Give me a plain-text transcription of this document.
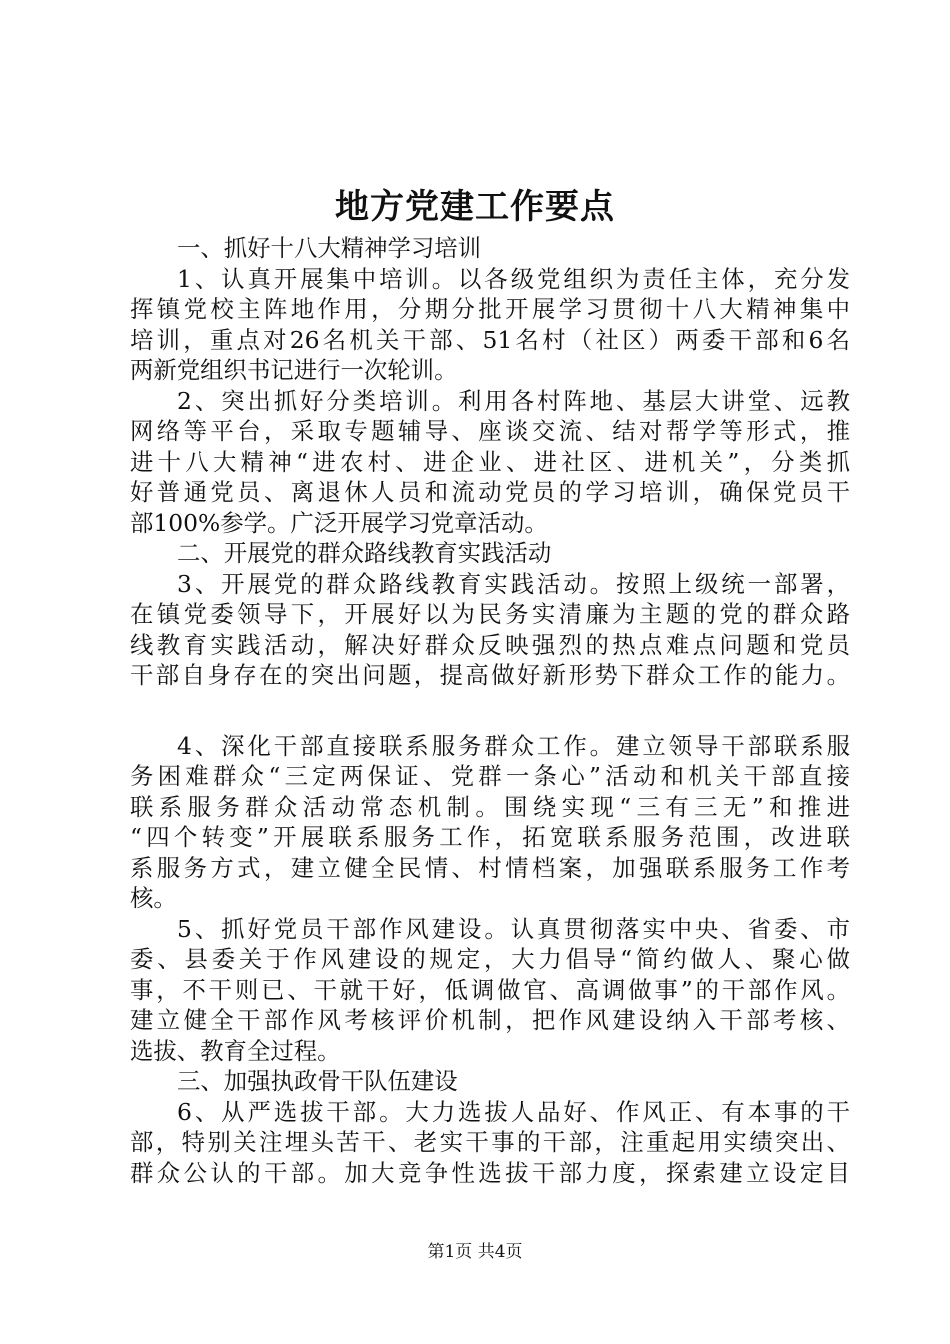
地方党建工作要点
一、抓好十八大精神学习培训
1、认真开展集中培训。以各级党组织为责任主体，充分发
挥镇党校主阵地作用，分期分批开展学习贯彻十八大精神集中
培训，重点对26名机关干部、51名村（社区）两委干部和6名
两新党组织书记进行一次轮训。
2、突出抓好分类培训。利用各村阵地、基层大讲堂、远教
网络等平台，采取专题辅导、座谈交流、结对帮学等形式，推
进十八大精神“进农村、进企业、进社区、进机关”，分类抓
好普通党员、离退休人员和流动党员的学习培训，确保党员干
部100%参学。广泛开展学习党章活动。
二、开展党的群众路线教育实践活动
3、开展党的群众路线教育实践活动。按照上级统一部署，
在镇党委领导下，开展好以为民务实清廉为主题的党的群众路
线教育实践活动，解决好群众反映强烈的热点难点问题和党员
干部自身存在的突出问题，提高做好新形势下群众工作的能力。
4、深化干部直接联系服务群众工作。建立领导干部联系服
务困难群众“三定两保证、党群一条心”活动和机关干部直接
联系服务群众活动常态机制。围绕实现“三有三无”和推进
“四个转变”开展联系服务工作，拓宽联系服务范围，改进联
系服务方式，建立健全民情、村情档案，加强联系服务工作考
核。
5、抓好党员干部作风建设。认真贯彻落实中央、省委、市
委、县委关于作风建设的规定，大力倡导“简约做人、聚心做
事，不干则已、干就干好，低调做官、高调做事”的干部作风。
建立健全干部作风考核评价机制，把作风建设纳入干部考核、
选拔、教育全过程。
三、加强执政骨干队伍建设
6、从严选拔干部。大力选拔人品好、作风正、有本事的干
部，特别关注埋头苦干、老实干事的干部，注重起用实绩突出、
群众公认的干部。加大竞争性选拔干部力度，探索建立设定目
第1页 共4页
